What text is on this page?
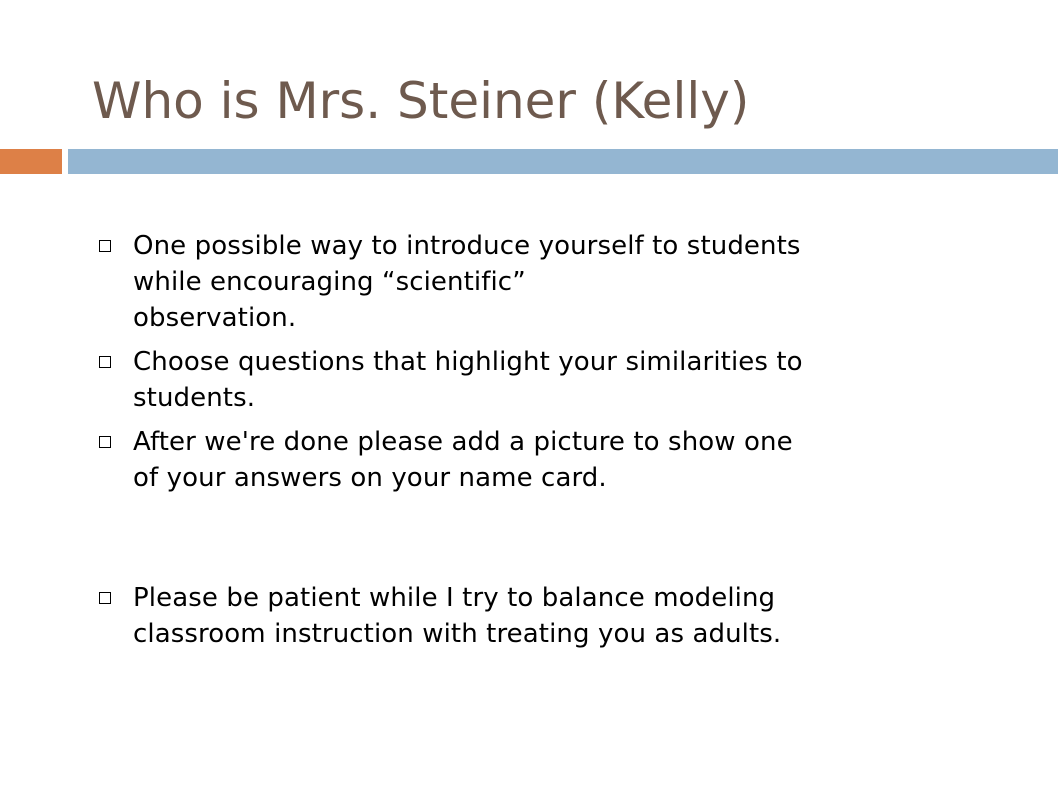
Who is Mrs. Steiner (Kelly)
One possible way to introduce yourself to students
while encouraging “scientific”
observation.
Choose questions that highlight your similarities to
students.
After we're done please add a picture to show one
of your answers on your name card.
Please be patient while I try to balance modeling
classroom instruction with treating you as adults.
